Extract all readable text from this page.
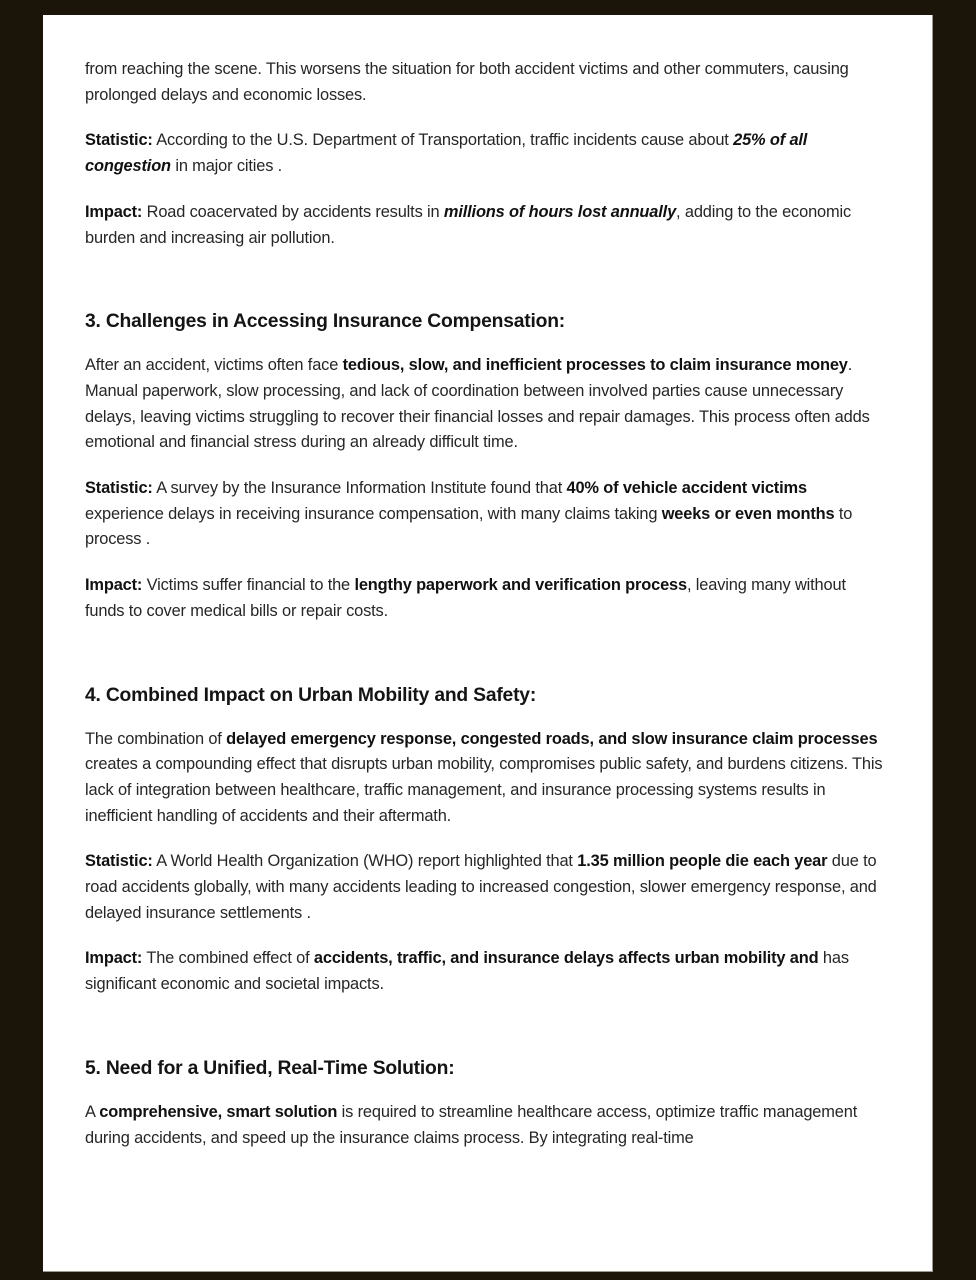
from reaching the scene. This worsens the situation for both accident victims and other commuters, causing prolonged delays and economic losses.

Statistic: According to the U.S. Department of Transportation, traffic incidents cause about 25% of all congestion in major cities .

Impact: Road coacervated by accidents results in millions of hours lost annually, adding to the economic burden and increasing air pollution.

3. Challenges in Accessing Insurance Compensation:

After an accident, victims often face tedious, slow, and inefficient processes to claim insurance money. Manual paperwork, slow processing, and lack of coordination between involved parties cause unnecessary delays, leaving victims struggling to recover their financial losses and repair damages. This process often adds emotional and financial stress during an already difficult time.

Statistic: A survey by the Insurance Information Institute found that 40% of vehicle accident victims experience delays in receiving insurance compensation, with many claims taking weeks or even months to process .

Impact: Victims suffer financial to the lengthy paperwork and verification process, leaving many without funds to cover medical bills or repair costs.

4. Combined Impact on Urban Mobility and Safety:

The combination of delayed emergency response, congested roads, and slow insurance claim processes creates a compounding effect that disrupts urban mobility, compromises public safety, and burdens citizens. This lack of integration between healthcare, traffic management, and insurance processing systems results in inefficient handling of accidents and their aftermath.

Statistic: A World Health Organization (WHO) report highlighted that 1.35 million people die each year due to road accidents globally, with many accidents leading to increased congestion, slower emergency response, and delayed insurance settlements .

Impact: The combined effect of accidents, traffic, and insurance delays affects urban mobility and has significant economic and societal impacts.

5. Need for a Unified, Real-Time Solution:

A comprehensive, smart solution is required to streamline healthcare access, optimize traffic management during accidents, and speed up the insurance claims process. By integrating real-time
